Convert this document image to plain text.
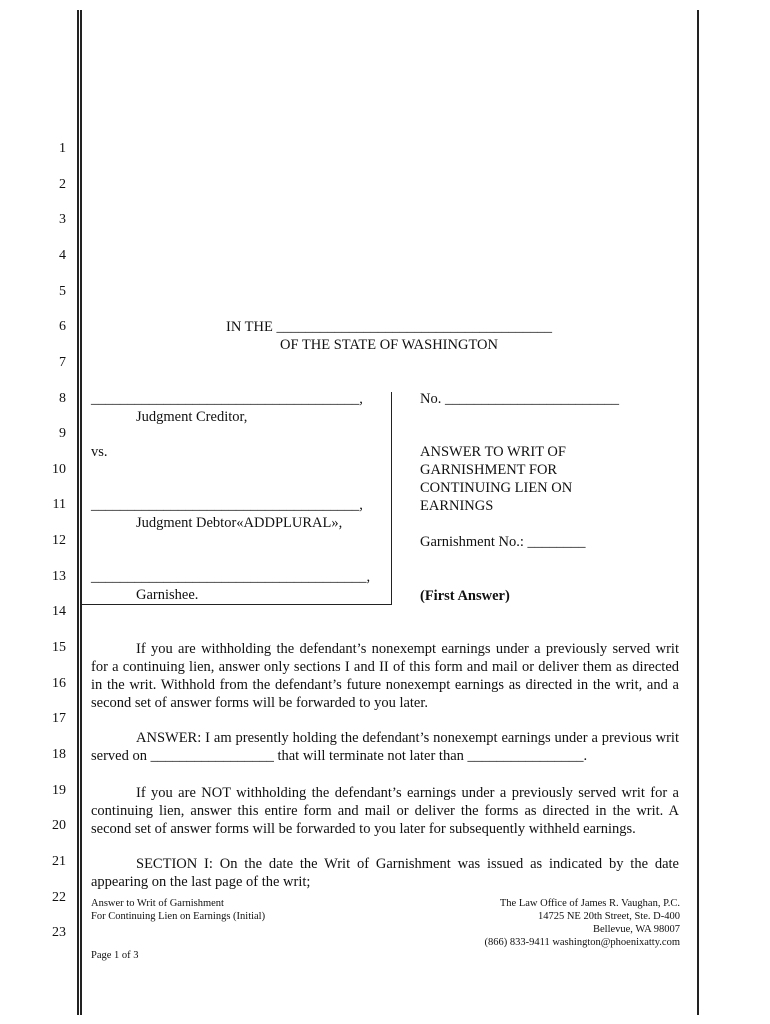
1
2
3
4
5
6
7
8
9
10
11
12
13
14
15
16
17
18
19
20
21
22
23
IN THE ______________________________________
OF THE STATE OF WASHINGTON
_____________________________________,
Judgment Creditor,
vs.
_____________________________________,
Judgment Debtor«ADDPLURAL»,
______________________________________,
Garnishee.
No. ________________________
ANSWER TO WRIT OF
GARNISHMENT FOR
CONTINUING LIEN ON
EARNINGS
Garnishment No.: ________
(First Answer)
If you are withholding the defendant’s nonexempt earnings under a previously served writ for a continuing lien, answer only sections I and II of this form and mail or deliver them as directed in the writ. Withhold from the defendant’s future nonexempt earnings as directed in the writ, and a second set of answer forms will be forwarded to you later.
ANSWER: I am presently holding the defendant’s nonexempt earnings under a previous writ served on _________________ that will terminate not later than ________________.
If you are NOT withholding the defendant’s earnings under a previously served writ for a continuing lien, answer this entire form and mail or deliver the forms as directed in the writ. A second set of answer forms will be forwarded to you later for subsequently withheld earnings.
SECTION I: On the date the Writ of Garnishment was issued as indicated by the date appearing on the last page of the writ;
Answer to Writ of Garnishment
For Continuing Lien on Earnings (Initial)
Page 1 of 3
The Law Office of James R. Vaughan, P.C.
14725 NE 20th Street, Ste. D-400
Bellevue, WA 98007
(866) 833-9411 washington@phoenixatty.com
